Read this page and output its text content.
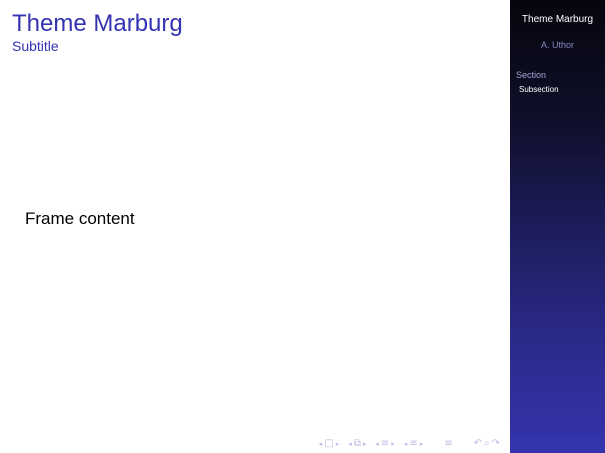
Theme Marburg
Subtitle
Frame content
◂ □ ▸ ◂ ⧉ ▸ ◂ ≡ ▸ ◂ ≡ ▸ ≡ ↶ ⌕ ↷
Theme Marburg
A. Uthor
Section
Subsection
